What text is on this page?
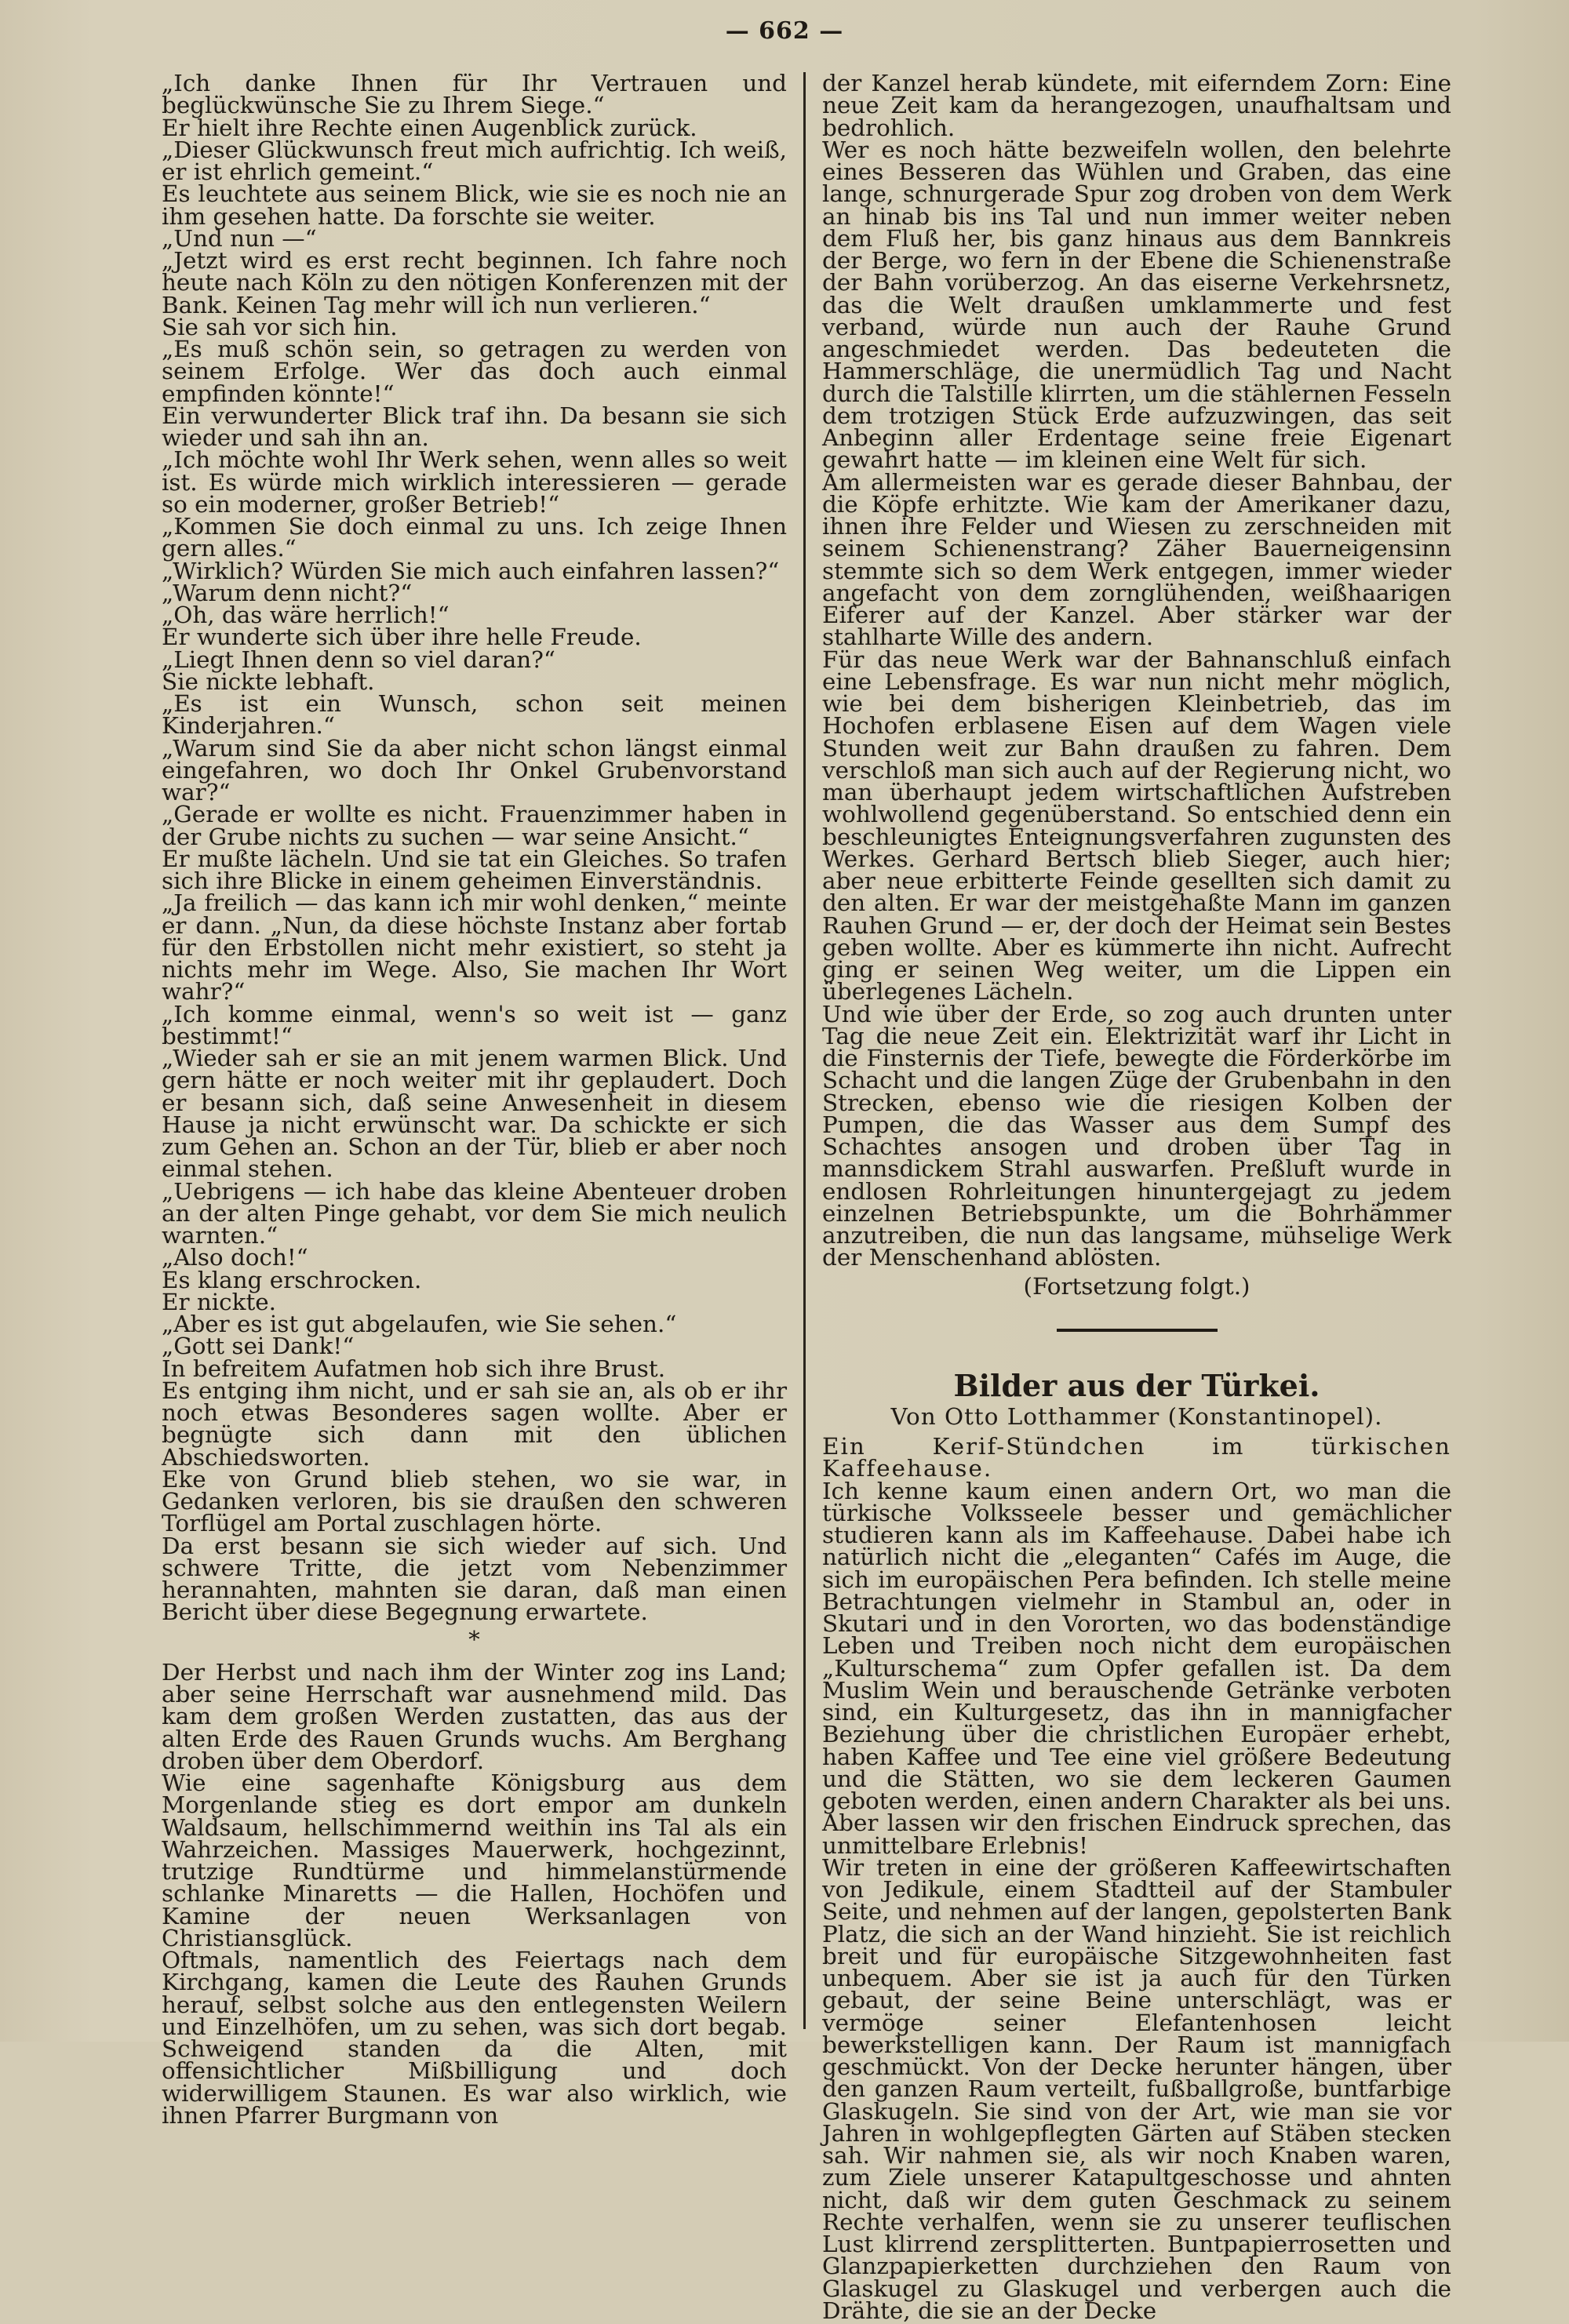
— 662 —
„Ich danke Ihnen für Ihr Vertrauen und beglückwünsche Sie zu Ihrem Siege.“
Er hielt ihre Rechte einen Augenblick zurück.
„Dieser Glückwunsch freut mich aufrichtig. Ich weiß, er ist ehrlich gemeint.“
Es leuchtete aus seinem Blick, wie sie es noch nie an ihm gesehen hatte. Da forschte sie weiter.
„Und nun —“
„Jetzt wird es erst recht beginnen. Ich fahre noch heute nach Köln zu den nötigen Konferenzen mit der Bank. Keinen Tag mehr will ich nun verlieren.“
Sie sah vor sich hin.
„Es muß schön sein, so getragen zu werden von seinem Erfolge. Wer das doch auch einmal empfinden könnte!“
Ein verwunderter Blick traf ihn. Da besann sie sich wieder und sah ihn an.
„Ich möchte wohl Ihr Werk sehen, wenn alles so weit ist. Es würde mich wirklich interessieren — gerade so ein moderner, großer Betrieb!“
„Kommen Sie doch einmal zu uns. Ich zeige Ihnen gern alles.“
„Wirklich? Würden Sie mich auch einfahren lassen?“
„Warum denn nicht?“
„Oh, das wäre herrlich!“
Er wunderte sich über ihre helle Freude.
„Liegt Ihnen denn so viel daran?“
Sie nickte lebhaft.
„Es ist ein Wunsch, schon seit meinen Kinderjahren.“
„Warum sind Sie da aber nicht schon längst einmal eingefahren, wo doch Ihr Onkel Grubenvorstand war?“
„Gerade er wollte es nicht. Frauenzimmer haben in der Grube nichts zu suchen — war seine Ansicht.“
Er mußte lächeln. Und sie tat ein Gleiches. So trafen sich ihre Blicke in einem geheimen Einverständnis.
„Ja freilich — das kann ich mir wohl denken,“ meinte er dann. „Nun, da diese höchste Instanz aber fortab für den Erbstollen nicht mehr existiert, so steht ja nichts mehr im Wege. Also, Sie machen Ihr Wort wahr?“
„Ich komme einmal, wenn's so weit ist — ganz bestimmt!“
„Wieder sah er sie an mit jenem warmen Blick. Und gern hätte er noch weiter mit ihr geplaudert. Doch er besann sich, daß seine Anwesenheit in diesem Hause ja nicht erwünscht war. Da schickte er sich zum Gehen an. Schon an der Tür, blieb er aber noch einmal stehen.
„Uebrigens — ich habe das kleine Abenteuer droben an der alten Pinge gehabt, vor dem Sie mich neulich warnten.“
„Also doch!“
Es klang erschrocken.
Er nickte.
„Aber es ist gut abgelaufen, wie Sie sehen.“
„Gott sei Dank!“
In befreitem Aufatmen hob sich ihre Brust.
Es entging ihm nicht, und er sah sie an, als ob er ihr noch etwas Besonderes sagen wollte. Aber er begnügte sich dann mit den üblichen Abschiedsworten.
Eke von Grund blieb stehen, wo sie war, in Gedanken verloren, bis sie draußen den schweren Torflügel am Portal zuschlagen hörte.
Da erst besann sie sich wieder auf sich. Und schwere Tritte, die jetzt vom Nebenzimmer herannahten, mahnten sie daran, daß man einen Bericht über diese Begegnung erwartete.
*
Der Herbst und nach ihm der Winter zog ins Land; aber seine Herrschaft war ausnehmend mild. Das kam dem großen Werden zustatten, das aus der alten Erde des Rauen Grunds wuchs. Am Berghang droben über dem Oberdorf.
Wie eine sagenhafte Königsburg aus dem Morgenlande stieg es dort empor am dunkeln Waldsaum, hellschimmernd weithin ins Tal als ein Wahrzeichen. Massiges Mauerwerk, hochgezinnt, trutzige Rundtürme und himmelanstürmende schlanke Minaretts — die Hallen, Hochöfen und Kamine der neuen Werksanlagen von Christiansglück.
Oftmals, namentlich des Feiertags nach dem Kirchgang, kamen die Leute des Rauhen Grunds herauf, selbst solche aus den entlegensten Weilern und Einzelhöfen, um zu sehen, was sich dort begab. Schweigend standen da die Alten, mit offensichtlicher Mißbilligung und doch widerwilligem Staunen. Es war also wirklich, wie ihnen Pfarrer Burgmann von
der Kanzel herab kündete, mit eiferndem Zorn: Eine neue Zeit kam da herangezogen, unaufhaltsam und bedrohlich.
Wer es noch hätte bezweifeln wollen, den belehrte eines Besseren das Wühlen und Graben, das eine lange, schnurgerade Spur zog droben von dem Werk an hinab bis ins Tal und nun immer weiter neben dem Fluß her, bis ganz hinaus aus dem Bannkreis der Berge, wo fern in der Ebene die Schienenstraße der Bahn vorüberzog. An das eiserne Verkehrsnetz, das die Welt draußen umklammerte und fest verband, würde nun auch der Rauhe Grund angeschmiedet werden. Das bedeuteten die Hammerschläge, die unermüdlich Tag und Nacht durch die Talstille klirrten, um die stählernen Fesseln dem trotzigen Stück Erde aufzuzwingen, das seit Anbeginn aller Erdentage seine freie Eigenart gewahrt hatte — im kleinen eine Welt für sich.
Am allermeisten war es gerade dieser Bahnbau, der die Köpfe erhitzte. Wie kam der Amerikaner dazu, ihnen ihre Felder und Wiesen zu zerschneiden mit seinem Schienenstrang? Zäher Bauerneigensinn stemmte sich so dem Werk entgegen, immer wieder angefacht von dem zornglühenden, weißhaarigen Eiferer auf der Kanzel. Aber stärker war der stahlharte Wille des andern.
Für das neue Werk war der Bahnanschluß einfach eine Lebensfrage. Es war nun nicht mehr möglich, wie bei dem bisherigen Kleinbetrieb, das im Hochofen erblasene Eisen auf dem Wagen viele Stunden weit zur Bahn draußen zu fahren. Dem verschloß man sich auch auf der Regierung nicht, wo man überhaupt jedem wirtschaftlichen Aufstreben wohlwollend gegenüberstand. So entschied denn ein beschleunigtes Enteignungsverfahren zugunsten des Werkes. Gerhard Bertsch blieb Sieger, auch hier; aber neue erbitterte Feinde gesellten sich damit zu den alten. Er war der meistgehaßte Mann im ganzen Rauhen Grund — er, der doch der Heimat sein Bestes geben wollte. Aber es kümmerte ihn nicht. Aufrecht ging er seinen Weg weiter, um die Lippen ein überlegenes Lächeln.
Und wie über der Erde, so zog auch drunten unter Tag die neue Zeit ein. Elektrizität warf ihr Licht in die Finsternis der Tiefe, bewegte die Förderkörbe im Schacht und die langen Züge der Grubenbahn in den Strecken, ebenso wie die riesigen Kolben der Pumpen, die das Wasser aus dem Sumpf des Schachtes ansogen und droben über Tag in mannsdickem Strahl auswarfen. Preßluft wurde in endlosen Rohrleitungen hinuntergejagt zu jedem einzelnen Betriebspunkte, um die Bohrhämmer anzutreiben, die nun das langsame, mühselige Werk der Menschenhand ablösten.
(Fortsetzung folgt.)
Bilder aus der Türkei.
Von Otto Lotthammer (Konstantinopel).
Ein Kerif-Stündchen im türkischen Kaffeehause.
Ich kenne kaum einen andern Ort, wo man die türkische Volksseele besser und gemächlicher studieren kann als im Kaffeehause. Dabei habe ich natürlich nicht die „eleganten“ Cafés im Auge, die sich im europäischen Pera befinden. Ich stelle meine Betrachtungen vielmehr in Stambul an, oder in Skutari und in den Vororten, wo das bodenständige Leben und Treiben noch nicht dem europäischen „Kulturschema“ zum Opfer gefallen ist. Da dem Muslim Wein und berauschende Getränke verboten sind, ein Kulturgesetz, das ihn in mannigfacher Beziehung über die christlichen Europäer erhebt, haben Kaffee und Tee eine viel größere Bedeutung und die Stätten, wo sie dem leckeren Gaumen geboten werden, einen andern Charakter als bei uns. Aber lassen wir den frischen Eindruck sprechen, das unmittelbare Erlebnis!
Wir treten in eine der größeren Kaffeewirtschaften von Jedikule, einem Stadtteil auf der Stambuler Seite, und nehmen auf der langen, gepolsterten Bank Platz, die sich an der Wand hinzieht. Sie ist reichlich breit und für europäische Sitzgewohnheiten fast unbequem. Aber sie ist ja auch für den Türken gebaut, der seine Beine unterschlägt, was er vermöge seiner Elefantenhosen leicht bewerkstelligen kann. Der Raum ist mannigfach geschmückt. Von der Decke herunter hängen, über den ganzen Raum verteilt, fußballgroße, buntfarbige Glaskugeln. Sie sind von der Art, wie man sie vor Jahren in wohlgepflegten Gärten auf Stäben stecken sah. Wir nahmen sie, als wir noch Knaben waren, zum Ziele unserer Katapultgeschosse und ahnten nicht, daß wir dem guten Geschmack zu seinem Rechte verhalfen, wenn sie zu unserer teuflischen Lust klirrend zersplitterten. Buntpapierrosetten und Glanzpapierketten durchziehen den Raum von Glaskugel zu Glaskugel und verbergen auch die Drähte, die sie an der Decke
